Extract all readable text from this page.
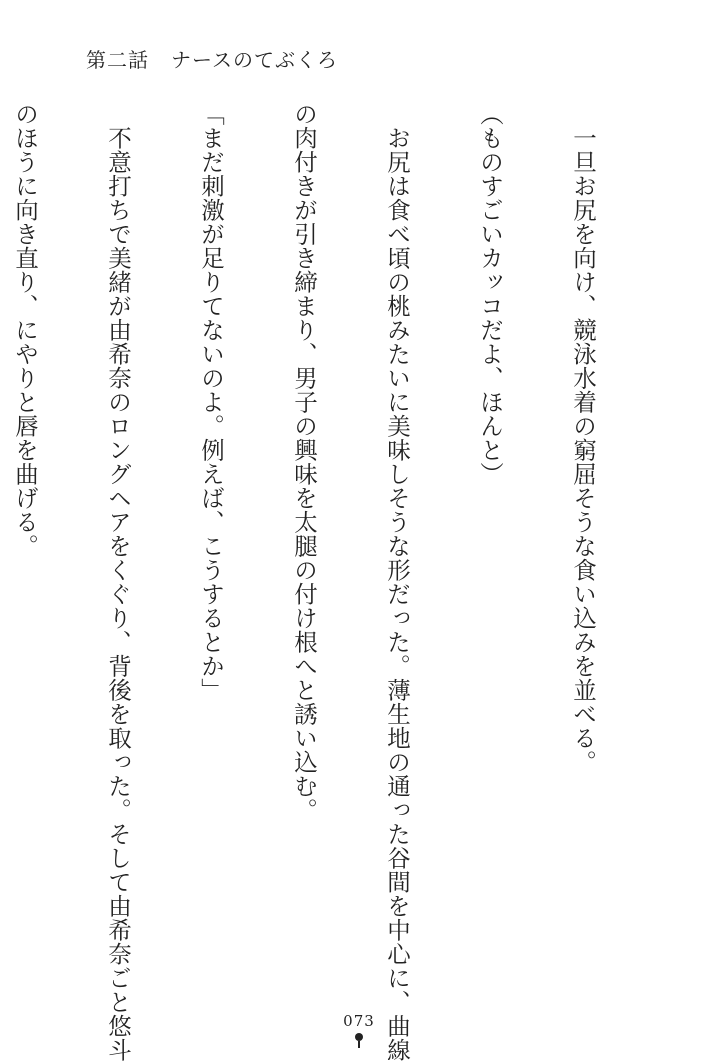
第二話 ナースのてぶくろ

　一旦お尻を向け、競泳水着の窮屈そうな食い込みを並べる。

（ものすごいカッコだよ、ほんと）

　お尻は食べ頃の桃みたいに美味しそうな形だった。薄生地の通った谷間を中心に、曲線

の肉付きが引き締まり、男子の興味を太腿の付け根へと誘い込む。

「まだ刺激が足りてないのよ。例えば、こうするとか」

　不意打ちで美緒が由希奈のロングヘアをくぐり、背後を取った。そして由希奈ごと悠斗

のほうに向き直り、にやりと唇を曲げる。

073
